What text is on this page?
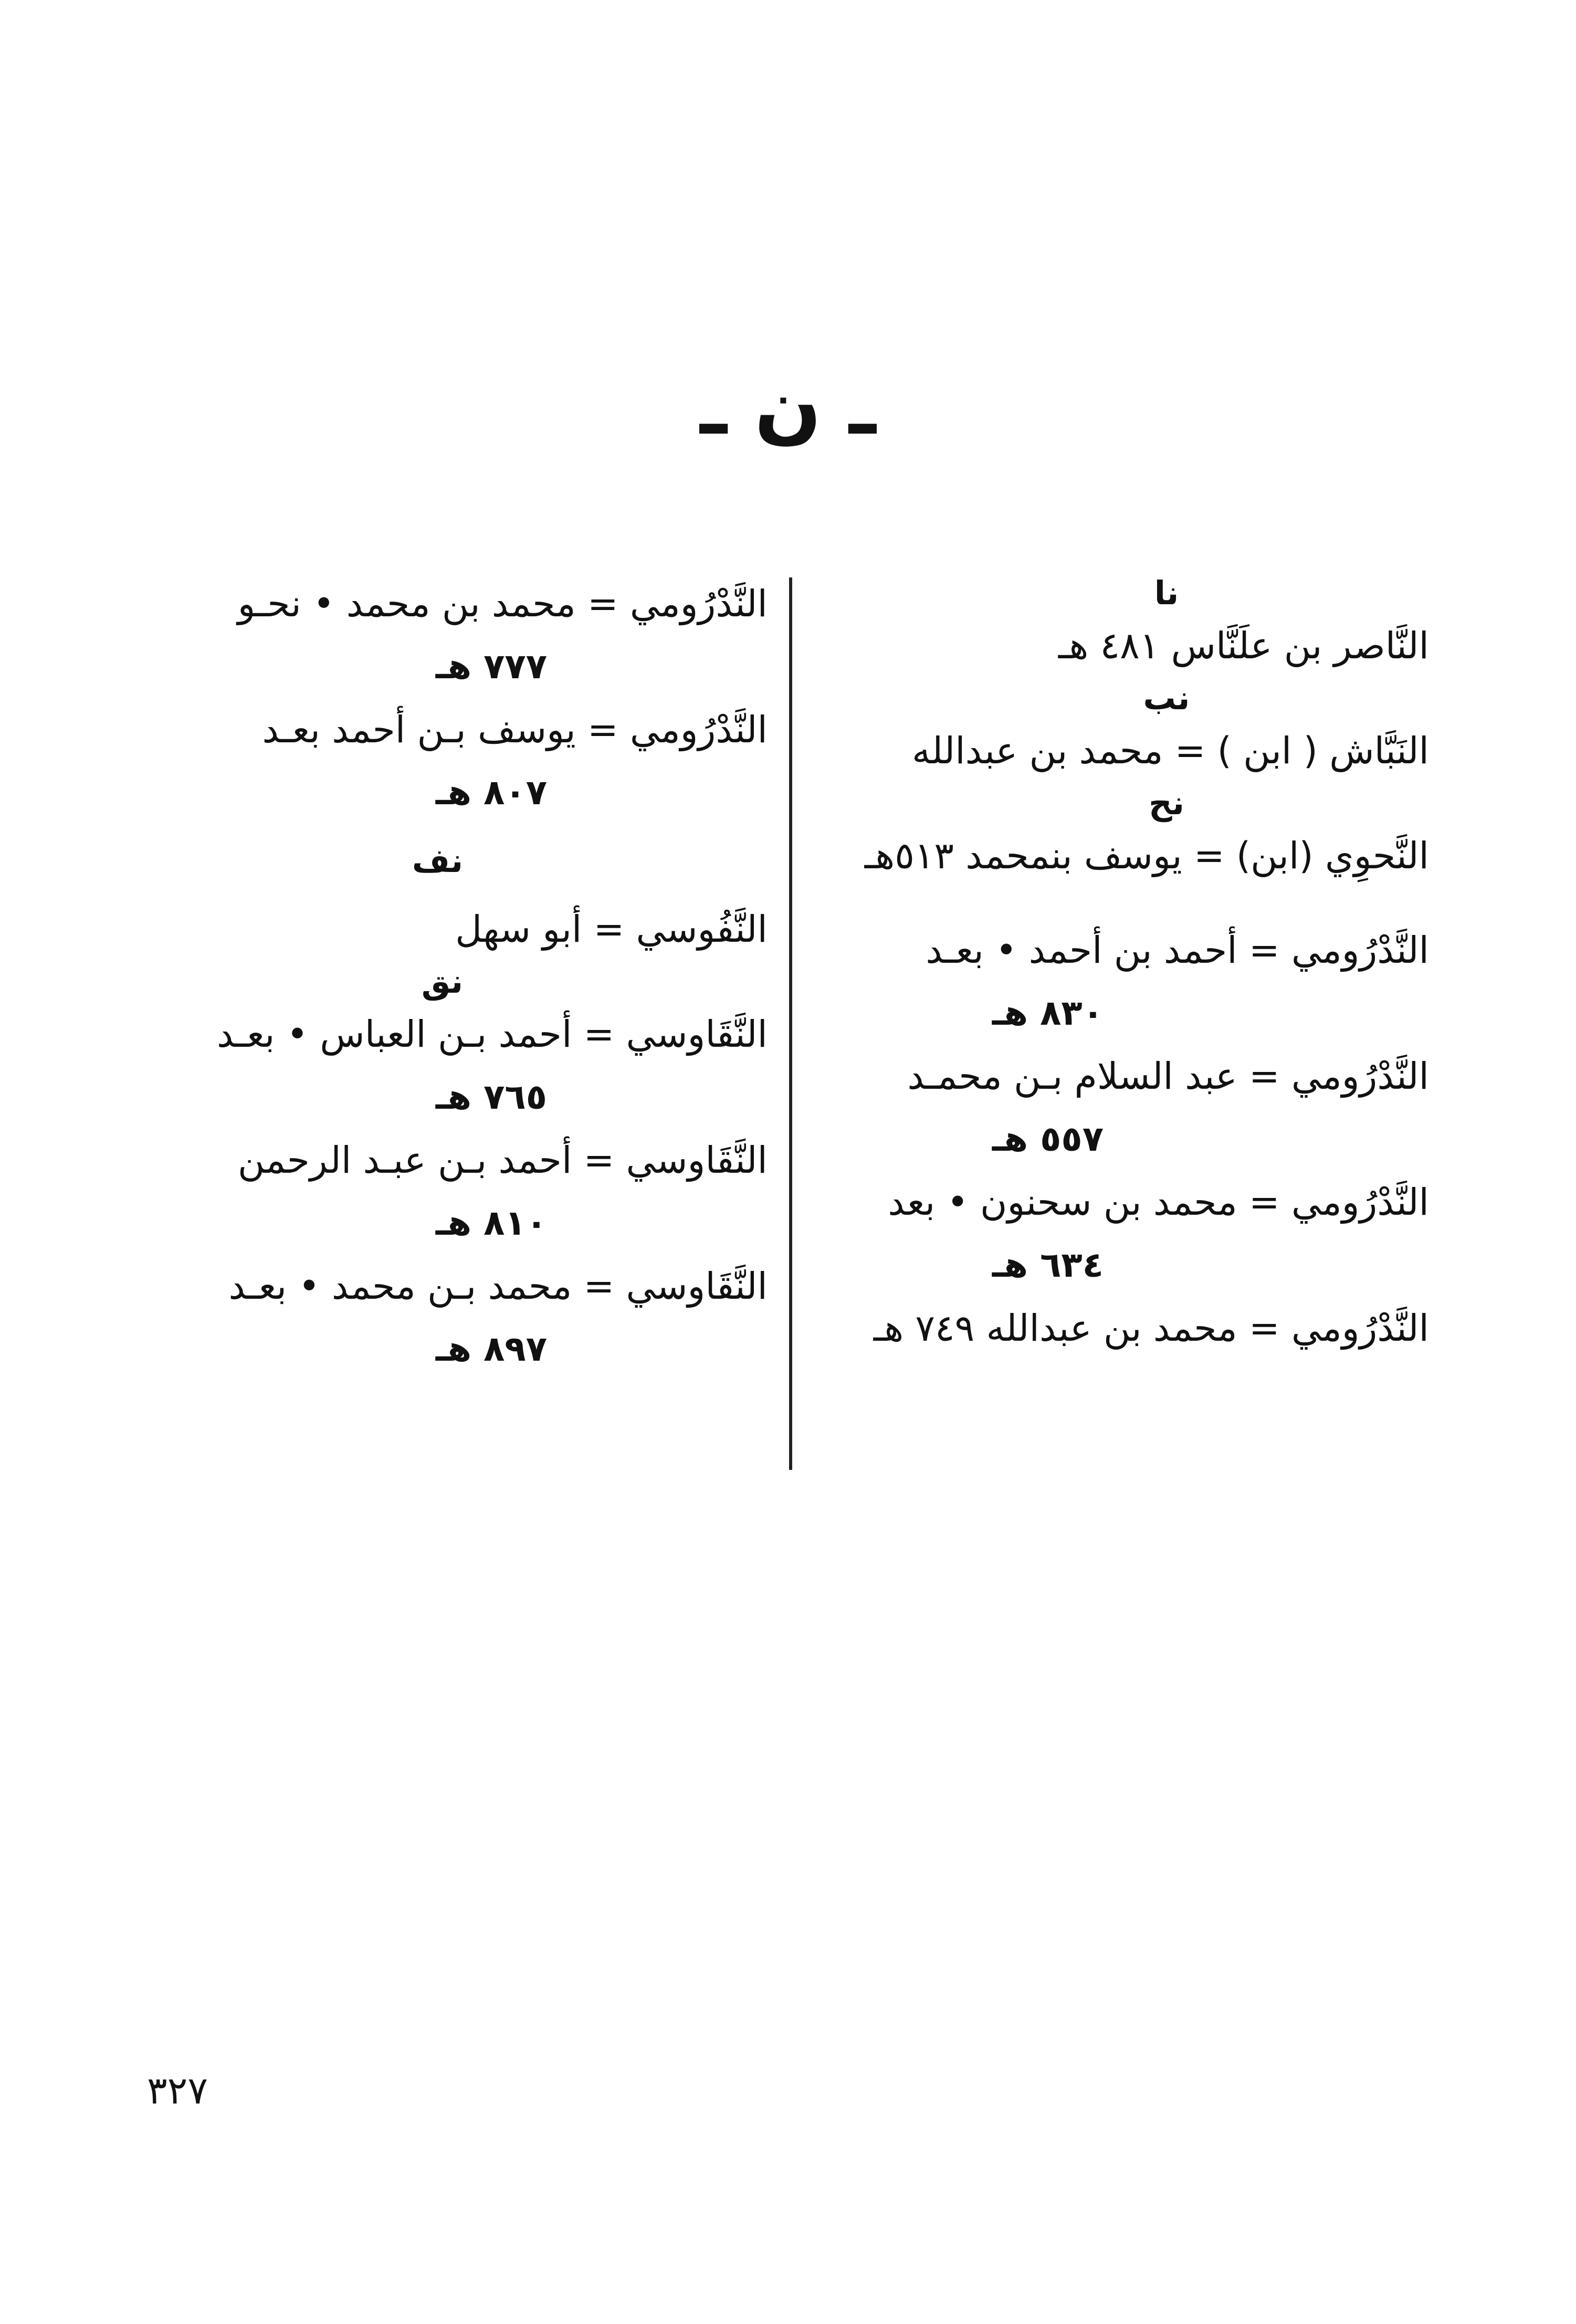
ـ ن ـ
نا
النَّاصر بن علَنَّاس ٤٨١ هـ
نب
النَبَّاش ( ابن ) = محمد بن عبدالله
نح
النَّحوِي (ابن) = يوسف بنمحمد ٥١٣هـ
النَّدْرُومي = أحمد بن أحمد • بعـد
٨٣٠ هـ
النَّدْرُومي = عبد السلام بـن محمـد
٥٥٧ هـ
النَّدْرُومي = محمد بن سحنون • بعد
٦٣٤ هـ
النَّدْرُومي = محمد بن عبدالله ٧٤٩ هـ
النَّدْرُومي = محمد بن محمد • نحـو
٧٧٧ هـ
النَّدْرُومي = يوسف بـن أحمد بعـد
٨٠٧ هـ
نف
النَّفُوسي = أبو سهل
نق
النَّقَاوسي = أحمد بـن العباس • بعـد
٧٦٥ هـ
النَّقَاوسي = أحمد بـن عبـد الرحمن
٨١٠ هـ
النَّقَاوسي = محمد بـن محمد • بعـد
٨٩٧ هـ
٣٢٧
